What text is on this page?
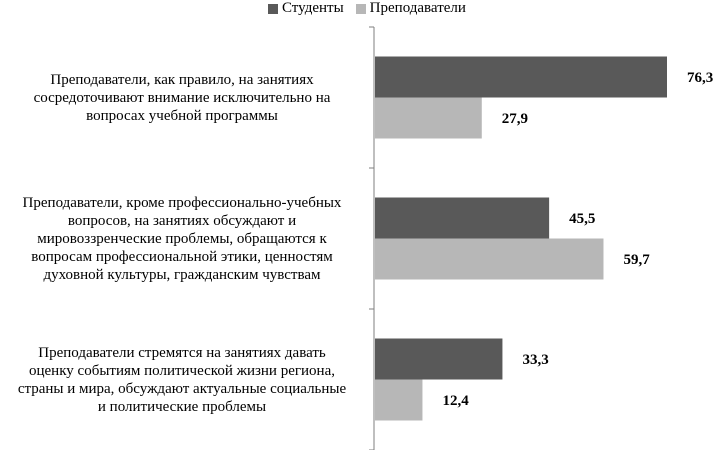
Студенты Преподаватели
76,3
27,9
45,5
59,7
33,3
12,4
Преподаватели, как правило, на занятиях
сосредоточивают внимание исключительно на
вопросах учебной программы
Преподаватели, кроме профессионально-учебных
вопросов, на занятиях обсуждают и
мировоззренческие проблемы, обращаются к
вопросам профессиональной этики, ценностям
духовной культуры, гражданским чувствам
Преподаватели стремятся на занятиях давать
оценку событиям политической жизни региона,
страны и мира, обсуждают актуальные социальные
и политические проблемы
